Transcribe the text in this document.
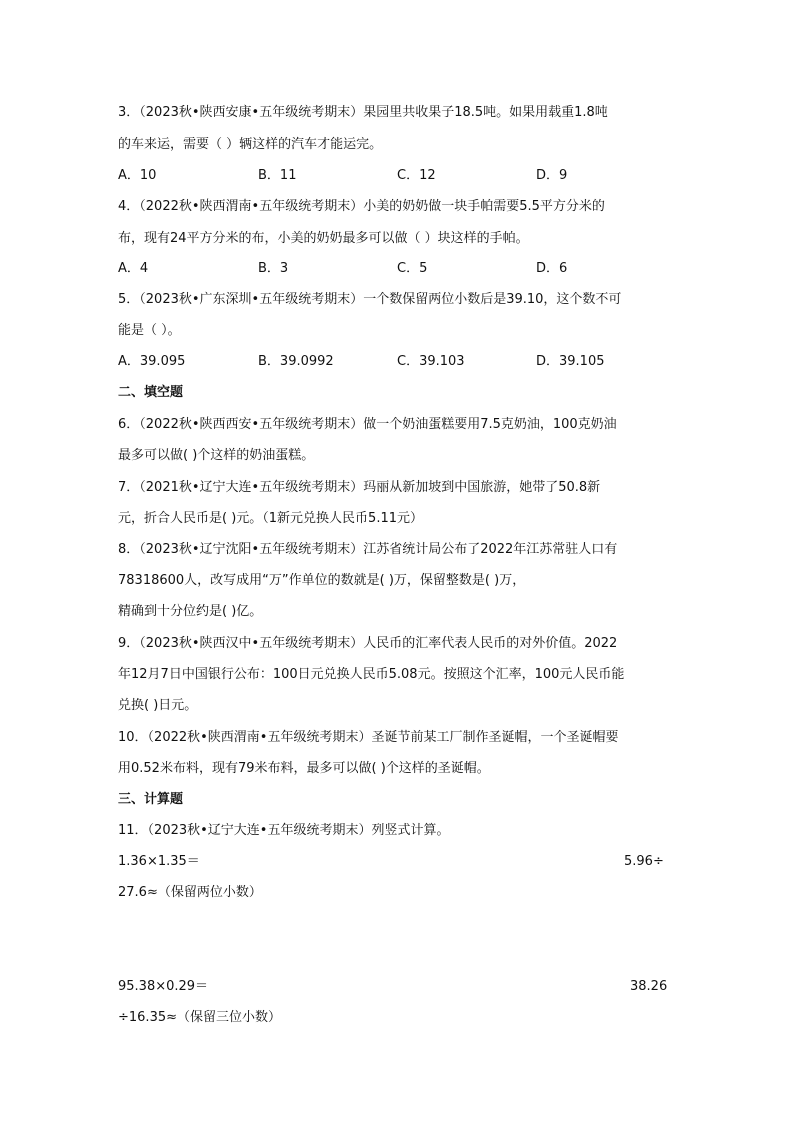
3．（2023秋•陕西安康•五年级统考期末）果园里共收果子18.5吨。如果用载重1.8吨
的车来运，需要（ ）辆这样的汽车才能运完。
A．10	B．11	C．12	D．9
4．（2022秋•陕西渭南•五年级统考期末）小美的奶奶做一块手帕需要5.5平方分米的
布，现有24平方分米的布，小美的奶奶最多可以做（ ）块这样的手帕。
A．4	B．3	C．5	D．6
5．（2023秋•广东深圳•五年级统考期末）一个数保留两位小数后是39.10，这个数不可
能是（ ）。
A．39.095	B．39.0992	C．39.103	D．39.105
二、填空题
6．（2022秋•陕西西安•五年级统考期末）做一个奶油蛋糕要用7.5克奶油，100克奶油
最多可以做( )个这样的奶油蛋糕。
7．（2021秋•辽宁大连•五年级统考期末）玛丽从新加坡到中国旅游，她带了50.8新
元，折合人民币是( )元。（1新元兑换人民币5.11元）
8．（2023秋•辽宁沈阳•五年级统考期末）江苏省统计局公布了2022年江苏常驻人口有
78318600人，改写成用“万”作单位的数就是( )万，保留整数是( )万，
精确到十分位约是( )亿。
9．（2023秋•陕西汉中•五年级统考期末）人民币的汇率代表人民币的对外价值。2022
年12月7日中国银行公布：100日元兑换人民币5.08元。按照这个汇率，100元人民币能
兑换( )日元。
10．（2022秋•陕西渭南•五年级统考期末）圣诞节前某工厂制作圣诞帽，一个圣诞帽要
用0.52米布料，现有79米布料，最多可以做( )个这样的圣诞帽。
三、计算题
11．（2023秋•辽宁大连•五年级统考期末）列竖式计算。
1.36×1.35＝	5.96÷
27.6≈（保留两位小数）
95.38×0.29＝	38.26
÷16.35≈（保留三位小数）
